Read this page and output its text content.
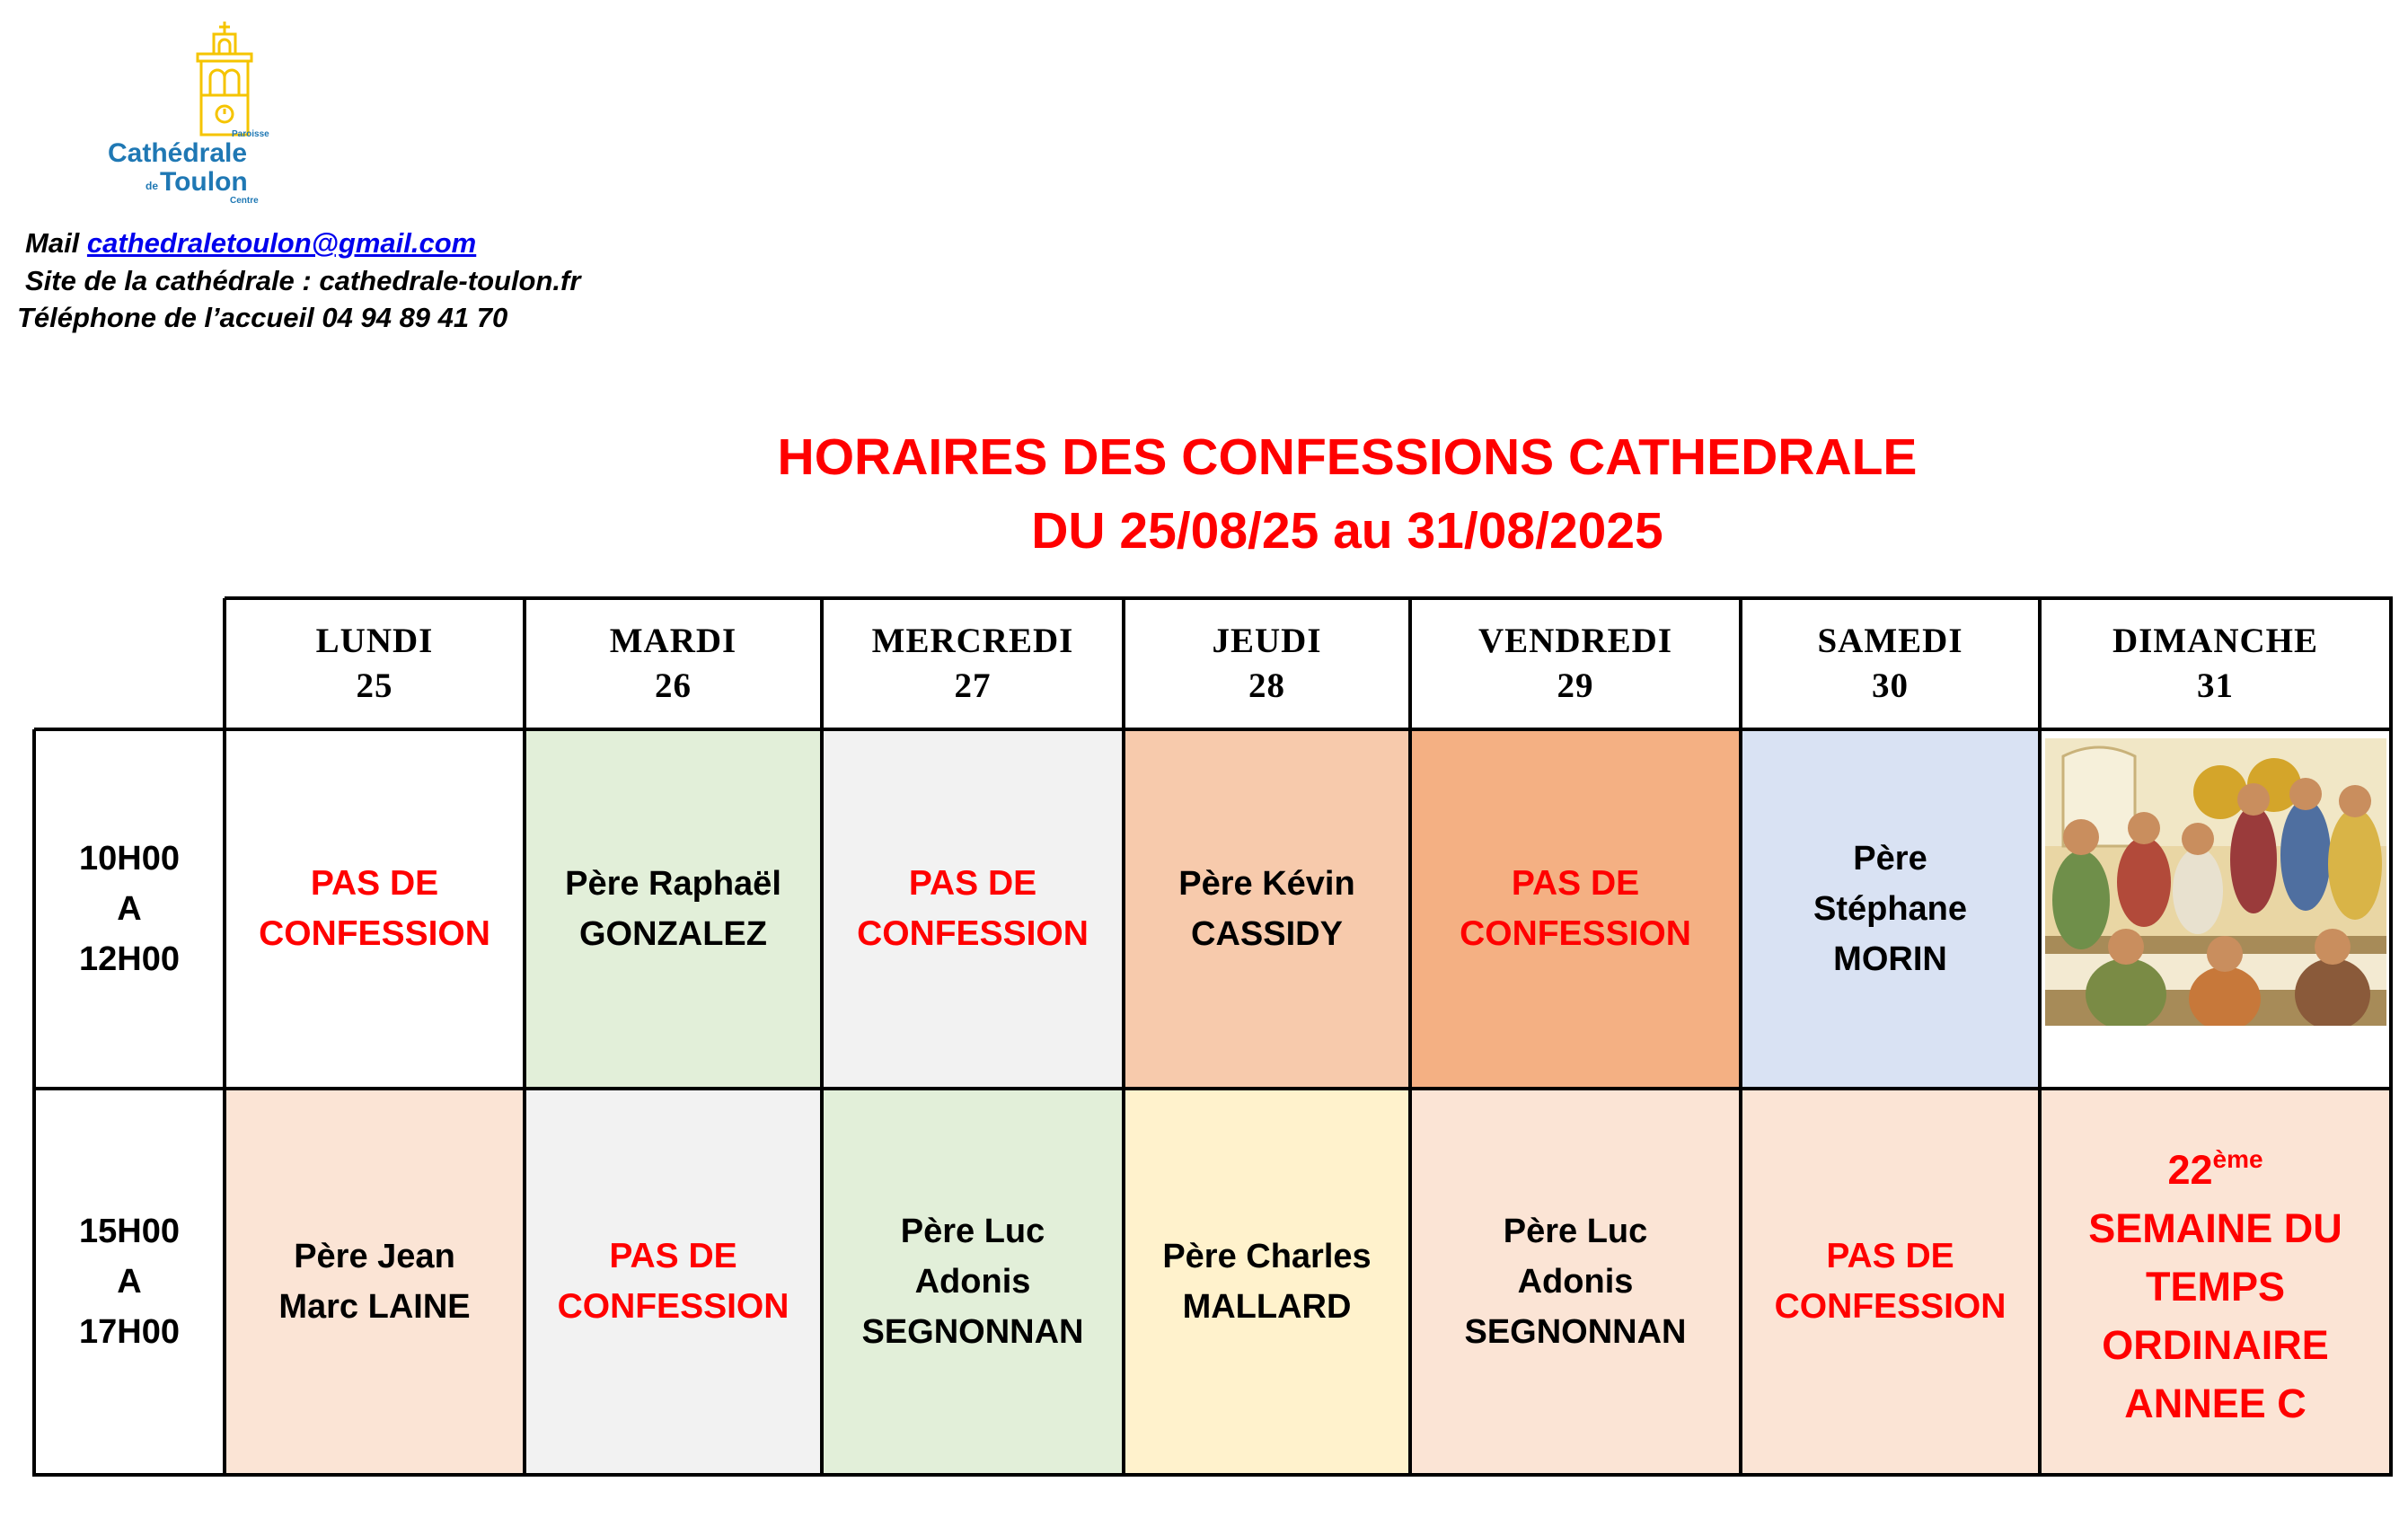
Paroisse
Cathédrale
de Toulon
Centre
Mail cathedraletoulon@gmail.com
Site de la cathédrale : cathedrale-toulon.fr
Téléphone de l’accueil 04 94 89 41 70
HORAIRES DES CONFESSIONS CATHEDRALE
DU 25/08/25 au 31/08/2025
LUNDI
25
MARDI
26
MERCREDI
27
JEUDI
28
VENDREDI
29
SAMEDI
30
DIMANCHE
31
10H00
A
12H00
15H00
A
17H00
PAS DE
CONFESSION
Père Raphaël
GONZALEZ
PAS DE
CONFESSION
Père Kévin
CASSIDY
PAS DE
CONFESSION
Père
Stéphane
MORIN
Père Jean
Marc LAINE
PAS DE
CONFESSION
Père Luc
Adonis
SEGNONNAN
Père Charles
MALLARD
Père Luc
Adonis
SEGNONNAN
PAS DE
CONFESSION
22ème
SEMAINE DU
TEMPS
ORDINAIRE
ANNEE C
